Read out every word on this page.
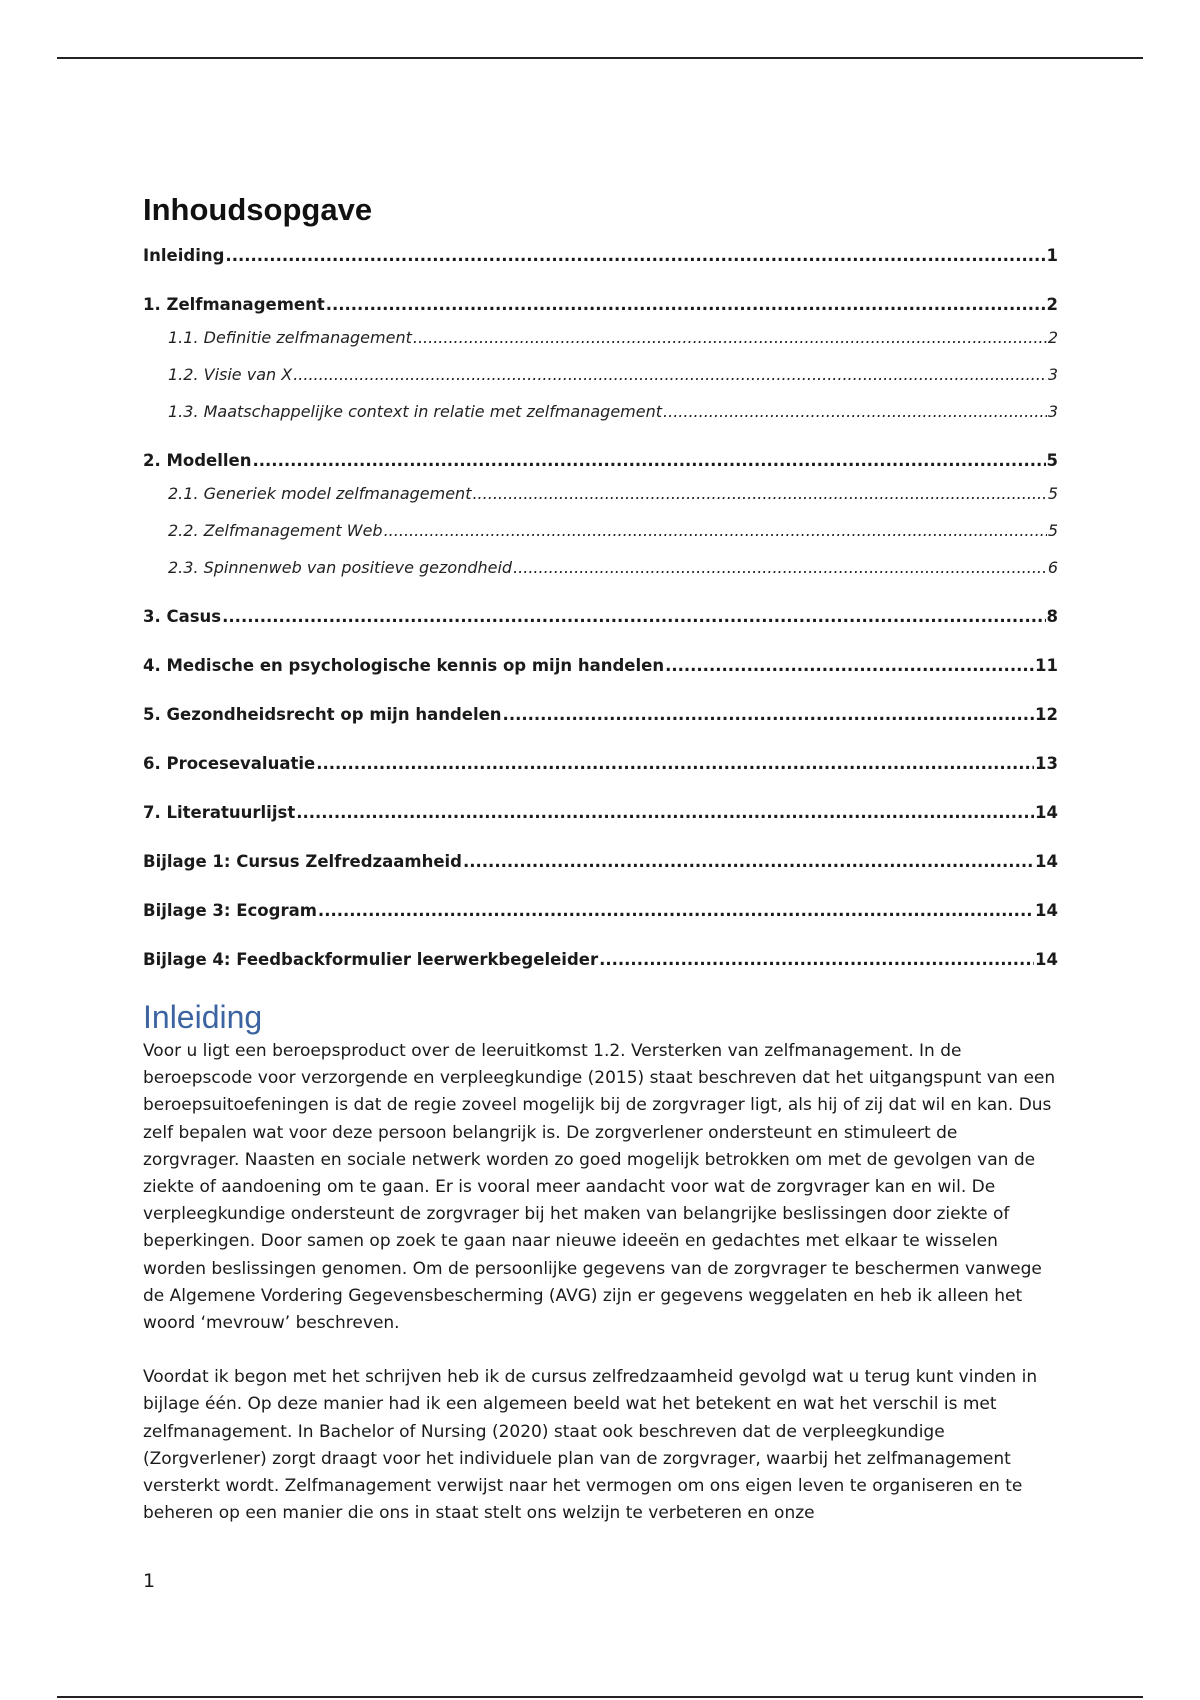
Inhoudsopgave
Inleiding .....	1
1. Zelfmanagement .....	2
1.1. Definitie zelfmanagement .....	2
1.2. Visie van X .....	3
1.3. Maatschappelijke context in relatie met zelfmanagement .....	3
2. Modellen .....	5
2.1. Generiek model zelfmanagement .....	5
2.2. Zelfmanagement Web .....	5
2.3. Spinnenweb van positieve gezondheid .....	6
3. Casus .....	8
4. Medische en psychologische kennis op mijn handelen .....	11
5. Gezondheidsrecht op mijn handelen .....	12
6. Procesevaluatie .....	13
7. Literatuurlijst .....	14
Bijlage 1: Cursus Zelfredzaamheid .....	14
Bijlage 3: Ecogram .....	14
Bijlage 4: Feedbackformulier leerwerkbegeleider .....	14
Inleiding

Voor u ligt een beroepsproduct over de leeruitkomst 1.2. Versterken van zelfmanagement. In de beroepscode voor verzorgende en verpleegkundige (2015) staat beschreven dat het uitgangspunt van een beroepsuitoefeningen is dat de regie zoveel mogelijk bij de zorgvrager ligt, als hij of zij dat wil en kan. Dus zelf bepalen wat voor deze persoon belangrijk is. De zorgverlener ondersteunt en stimuleert de zorgvrager. Naasten en sociale netwerk worden zo goed mogelijk betrokken om met de gevolgen van de ziekte of aandoening om te gaan. Er is vooral meer aandacht voor wat de zorgvrager kan en wil. De verpleegkundige ondersteunt de zorgvrager bij het maken van belangrijke beslissingen door ziekte of beperkingen. Door samen op zoek te gaan naar nieuwe ideeën en gedachtes met elkaar te wisselen worden beslissingen genomen. Om de persoonlijke gegevens van de zorgvrager te beschermen vanwege de Algemene Vordering Gegevensbescherming (AVG) zijn er gegevens weggelaten en heb ik alleen het woord ‘mevrouw’ beschreven.

Voordat ik begon met het schrijven heb ik de cursus zelfredzaamheid gevolgd wat u terug kunt vinden in bijlage één. Op deze manier had ik een algemeen beeld wat het betekent en wat het verschil is met zelfmanagement. In Bachelor of Nursing (2020) staat ook beschreven dat de verpleegkundige (Zorgverlener) zorgt draagt voor het individuele plan van de zorgvrager, waarbij het zelfmanagement versterkt wordt. Zelfmanagement verwijst naar het vermogen om ons eigen leven te organiseren en te beheren op een manier die ons in staat stelt ons welzijn te verbeteren en onze

1
